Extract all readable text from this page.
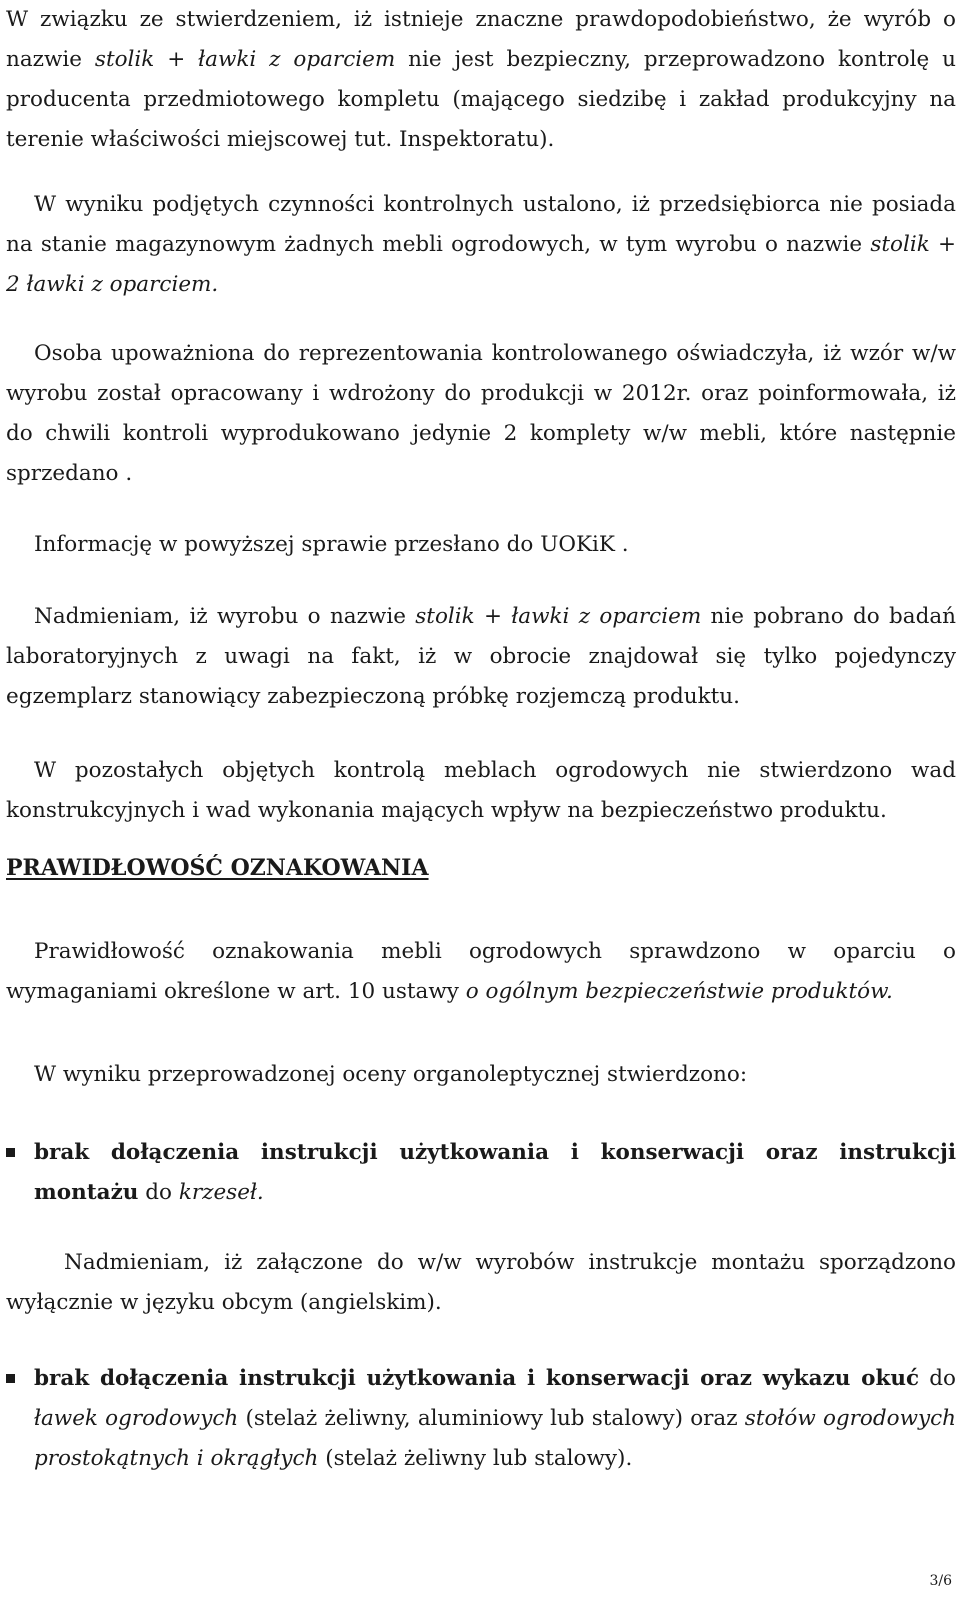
W związku ze stwierdzeniem, iż istnieje znaczne prawdopodobieństwo, że wyrób o nazwie stolik + ławki z oparciem nie jest bezpieczny, przeprowadzono kontrolę u producenta przedmiotowego kompletu (mającego siedzibę i zakład produkcyjny na terenie właściwości miejscowej tut. Inspektoratu).

W wyniku podjętych czynności kontrolnych ustalono, iż przedsiębiorca nie posiada na stanie magazynowym żadnych mebli ogrodowych, w tym wyrobu o nazwie stolik + 2 ławki z oparciem.

Osoba upoważniona do reprezentowania kontrolowanego oświadczyła, iż wzór w/w wyrobu został opracowany i wdrożony do produkcji w 2012r. oraz poinformowała, iż do chwili kontroli wyprodukowano jedynie 2 komplety w/w mebli, które następnie sprzedano .

Informację w powyższej sprawie przesłano do UOKiK .

Nadmieniam, iż wyrobu o nazwie stolik + ławki z oparciem nie pobrano do badań laboratoryjnych z uwagi na fakt, iż w obrocie znajdował się tylko pojedynczy egzemplarz stanowiący zabezpieczoną próbkę rozjemczą produktu.

W pozostałych objętych kontrolą meblach ogrodowych nie stwierdzono wad konstrukcyjnych i wad wykonania mających wpływ na bezpieczeństwo produktu.

PRAWIDŁOWOŚĆ OZNAKOWANIA

Prawidłowość oznakowania mebli ogrodowych sprawdzono w oparciu o wymaganiami określone w art. 10 ustawy o ogólnym bezpieczeństwie produktów.

W wyniku przeprowadzonej oceny organoleptycznej stwierdzono:

brak dołączenia instrukcji użytkowania i konserwacji oraz instrukcji montażu do krzeseł.

Nadmieniam, iż załączone do w/w wyrobów instrukcje montażu sporządzono wyłącznie w języku obcym (angielskim).

brak dołączenia instrukcji użytkowania i konserwacji oraz wykazu okuć do ławek ogrodowych (stelaż żeliwny, aluminiowy lub stalowy) oraz stołów ogrodowych prostokątnych i okrągłych (stelaż żeliwny lub stalowy).
3/6
